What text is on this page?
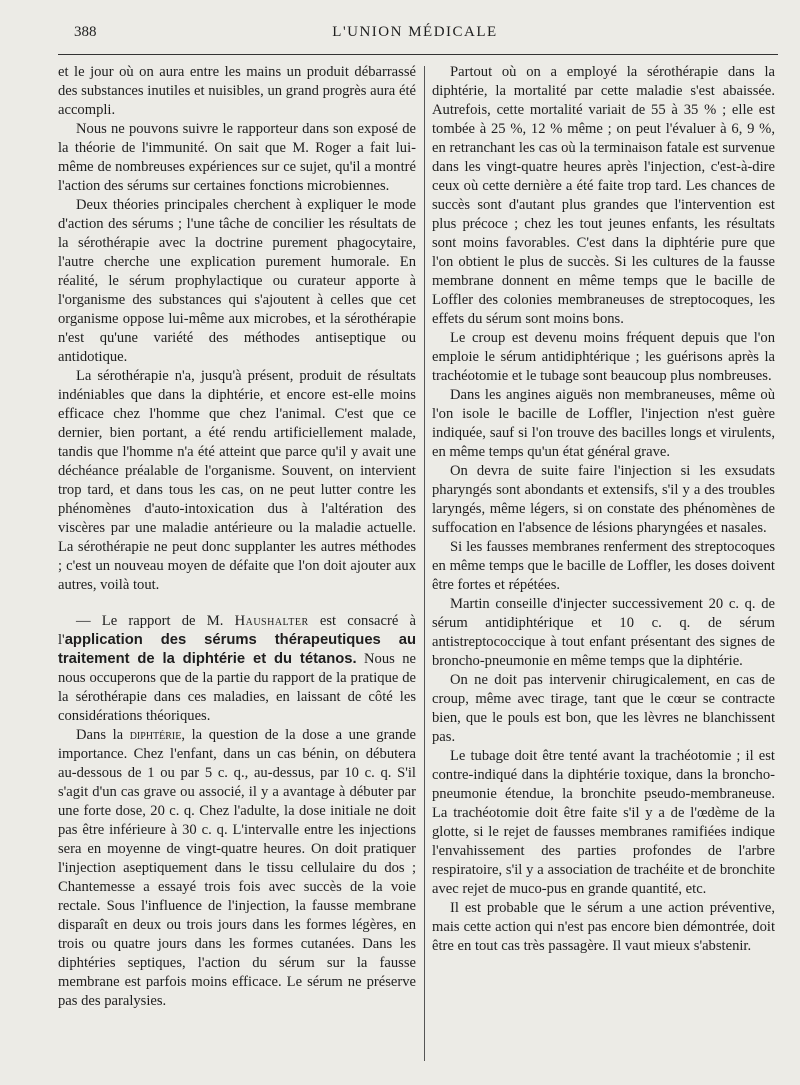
388	L'UNION MÉDICALE

et le jour où on aura entre les mains un produit débarrassé des substances inutiles et nuisibles, un grand progrès aura été accompli.

Nous ne pouvons suivre le rapporteur dans son exposé de la théorie de l'immunité. On sait que M. Roger a fait lui-même de nombreuses expériences sur ce sujet, qu'il a montré l'action des sérums sur certaines fonctions microbiennes.

Deux théories principales cherchent à expliquer le mode d'action des sérums ; l'une tâche de concilier les résultats de la sérothérapie avec la doctrine purement phagocytaire, l'autre cherche une explication purement humorale. En réalité, le sérum prophylactique ou curateur apporte à l'organisme des substances qui s'ajoutent à celles que cet organisme oppose lui-même aux microbes, et la sérothérapie n'est qu'une variété des méthodes antiseptique ou antidotique.

La sérothérapie n'a, jusqu'à présent, produit de résultats indéniables que dans la diphtérie, et encore est-elle moins efficace chez l'homme que chez l'animal. C'est que ce dernier, bien portant, a été rendu artificiellement malade, tandis que l'homme n'a été atteint que parce qu'il y avait une déchéance préalable de l'organisme. Souvent, on intervient trop tard, et dans tous les cas, on ne peut lutter contre les phénomènes d'auto-intoxication dus à l'altération des viscères par une maladie antérieure ou la maladie actuelle. La sérothérapie ne peut donc supplanter les autres méthodes ; c'est un nouveau moyen de défaite que l'on doit ajouter aux autres, voilà tout.

— Le rapport de M. Haushalter est consacré à l'application des sérums thérapeutiques au traitement de la diphtérie et du tétanos. Nous ne nous occuperons que de la partie du rapport de la pratique de la sérothérapie dans ces maladies, en laissant de côté les considérations théoriques.

Dans la diphtérie, la question de la dose a une grande importance. Chez l'enfant, dans un cas bénin, on débutera au-dessous de 1 ou par 5 c. q., au-dessus, par 10 c. q. S'il s'agit d'un cas grave ou associé, il y a avantage à débuter par une forte dose, 20 c. q. Chez l'adulte, la dose initiale ne doit pas être inférieure à 30 c. q. L'intervalle entre les injections sera en moyenne de vingt-quatre heures. On doit pratiquer l'injection aseptiquement dans le tissu cellulaire du dos ; Chantemesse a essayé trois fois avec succès de la voie rectale. Sous l'influence de l'injection, la fausse membrane disparaît en deux ou trois jours dans les formes légères, en trois ou quatre jours dans les formes cutanées. Dans les diphtéries septiques, l'action du sérum sur la fausse membrane est parfois moins efficace. Le sérum ne préserve pas des paralysies.

Partout où on a employé la sérothérapie dans la diphtérie, la mortalité par cette maladie s'est abaissée. Autrefois, cette mortalité variait de 55 à 35 % ; elle est tombée à 25 %, 12 % même ; on peut l'évaluer à 6, 9 %, en retranchant les cas où la terminaison fatale est survenue dans les vingt-quatre heures après l'injection, c'est-à-dire ceux où cette dernière a été faite trop tard. Les chances de succès sont d'autant plus grandes que l'intervention est plus précoce ; chez les tout jeunes enfants, les résultats sont moins favorables. C'est dans la diphtérie pure que l'on obtient le plus de succès. Si les cultures de la fausse membrane donnent en même temps que le bacille de Loffler des colonies membraneuses de streptocoques, les effets du sérum sont moins bons.

Le croup est devenu moins fréquent depuis que l'on emploie le sérum antidiphtérique ; les guérisons après la trachéotomie et le tubage sont beaucoup plus nombreuses.

Dans les angines aiguës non membraneuses, même où l'on isole le bacille de Loffler, l'injection n'est guère indiquée, sauf si l'on trouve des bacilles longs et virulents, en même temps qu'un état général grave.

On devra de suite faire l'injection si les exsudats pharyngés sont abondants et extensifs, s'il y a des troubles laryngés, même légers, si on constate des phénomènes de suffocation en l'absence de lésions pharyngées et nasales.

Si les fausses membranes renferment des streptocoques en même temps que le bacille de Loffler, les doses doivent être fortes et répétées.

Martin conseille d'injecter successivement 20 c. q. de sérum antidiphtérique et 10 c. q. de sérum antistreptococcique à tout enfant présentant des signes de broncho-pneumonie en même temps que la diphtérie.

On ne doit pas intervenir chirugicalement, en cas de croup, même avec tirage, tant que le cœur se contracte bien, que le pouls est bon, que les lèvres ne blanchissent pas.

Le tubage doit être tenté avant la trachéotomie ; il est contre-indiqué dans la diphtérie toxique, dans la broncho-pneumonie étendue, la bronchite pseudo-membraneuse. La trachéotomie doit être faite s'il y a de l'œdème de la glotte, si le rejet de fausses membranes ramifiées indique l'envahissement des parties profondes de l'arbre respiratoire, s'il y a association de trachéite et de bronchite avec rejet de muco-pus en grande quantité, etc.

Il est probable que le sérum a une action préventive, mais cette action qui n'est pas encore bien démontrée, doit être en tout cas très passagère. Il vaut mieux s'abstenir.
